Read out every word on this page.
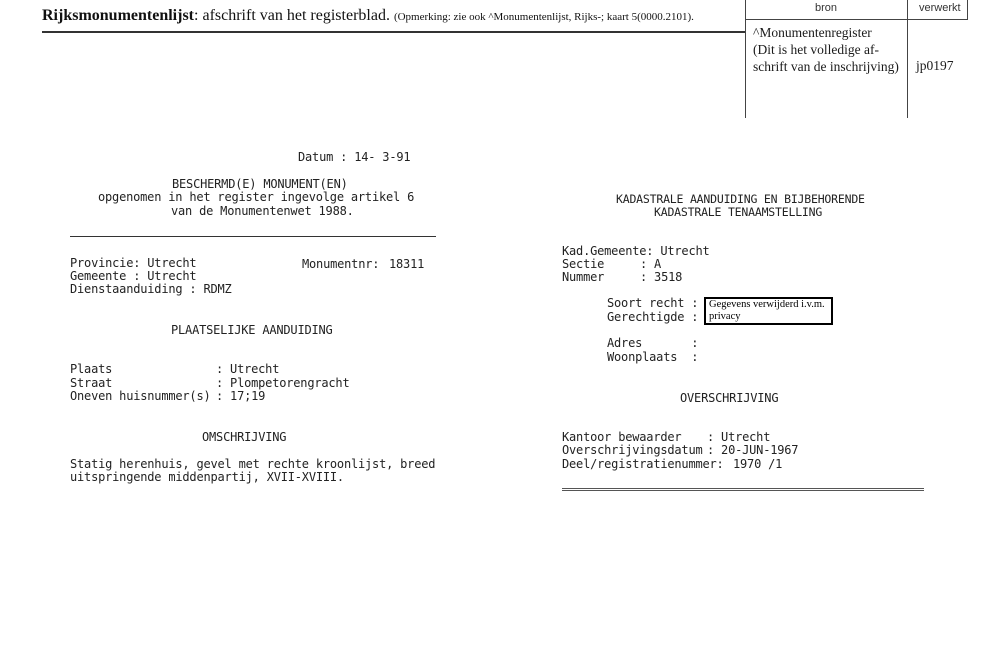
Rijksmonumentenlijst: afschrift van het registerblad. (Opmerking: zie ook ^Monumentenlijst, Rijks-; kaart 5(0000.2101).
bron	verwerkt
^Monumentenregister
(Dit is het volledige af-
schrift van de inschrijving) jp0197
Datum : 14- 3-91
BESCHERMD(E) MONUMENT(EN)
opgenomen in het register ingevolge artikel 6
van de Monumentenwet 1988.
Provincie: Utrecht	Monumentnr: 18311
Gemeente : Utrecht
Dienstaanduiding : RDMZ
PLAATSELIJKE AANDUIDING
Plaats	: Utrecht
Straat	: Plompetorengracht
Oneven huisnummer(s) : 17;19
OMSCHRIJVING
Statig herenhuis, gevel met rechte kroonlijst, breed
uitspringende middenpartij, XVII-XVIII.
KADASTRALE AANDUIDING EN BIJBEHORENDE
KADASTRALE TENAAMSTELLING
Kad.Gemeente: Utrecht
Sectie	: A
Nummer	: 3518
Soort recht :
Gerechtigde :
Gegevens verwijderd i.v.m. privacy
Adres       :
Woonplaats  :
OVERSCHRIJVING
Kantoor bewaarder : Utrecht
Overschrijvingsdatum : 20-JUN-1967
Deel/registratienummer: 1970 /1
